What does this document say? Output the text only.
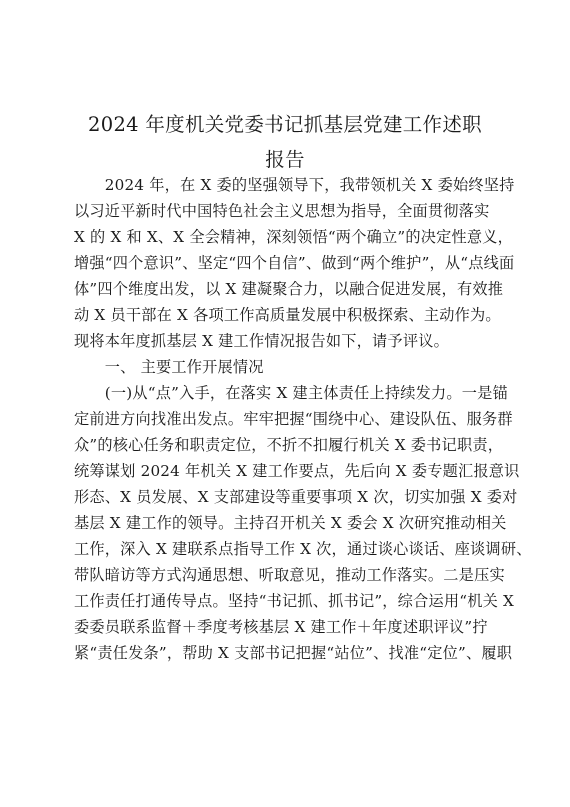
2024 年度机关党委书记抓基层党建工作述职
报告
　　2024 年，在 X 委的坚强领导下，我带领机关 X 委始终坚持
以习近平新时代中国特色社会主义思想为指导，全面贯彻落实
X 的 X 和 X、X 全会精神，深刻领悟“两个确立”的决定性意义，
增强“四个意识”、坚定“四个自信”、做到“两个维护”，从“点线面
体”四个维度出发，以 X 建凝聚合力，以融合促进发展，有效推
动 X 员干部在 X 各项工作高质量发展中积极探索、主动作为。
现将本年度抓基层 X 建工作情况报告如下，请予评议。
　　一、 主要工作开展情况
　　(一)从“点”入手，在落实 X 建主体责任上持续发力。一是锚
定前进方向找准出发点。牢牢把握“围绕中心、建设队伍、服务群
众”的核心任务和职责定位，不折不扣履行机关 X 委书记职责，
统筹谋划 2024 年机关 X 建工作要点，先后向 X 委专题汇报意识
形态、X 员发展、X 支部建设等重要事项 X 次，切实加强 X 委对
基层 X 建工作的领导。主持召开机关 X 委会 X 次研究推动相关
工作，深入 X 建联系点指导工作 X 次，通过谈心谈话、座谈调研、
带队暗访等方式沟通思想、听取意见，推动工作落实。二是压实
工作责任打通传导点。坚持“书记抓、抓书记”，综合运用“机关 X
委委员联系监督＋季度考核基层 X 建工作＋年度述职评议”拧
紧“责任发条”，帮助 X 支部书记把握“站位”、找准“定位”、履职
